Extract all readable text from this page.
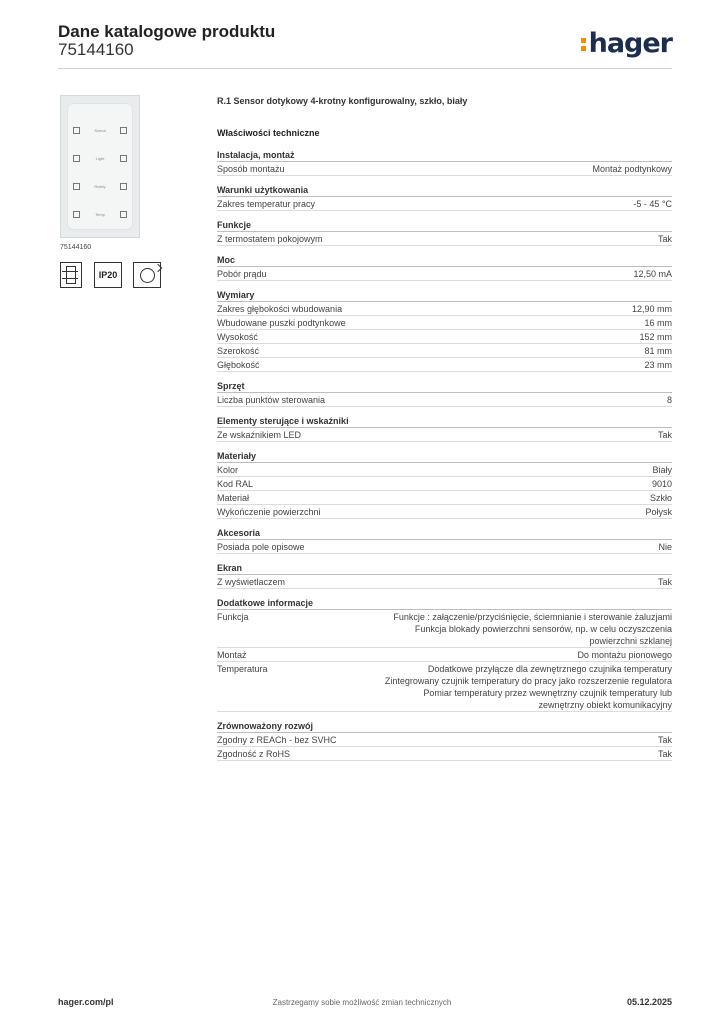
Dane katalogowe produktu
75144160	hager
Scena
Light
Rolety
Temp
75144160
IP20
R.1 Sensor dotykowy 4-krotny konfigurowalny, szkło, biały
Właściwości techniczne
Instalacja, montaż
Sposób montażu	Montaż podtynkowy
Warunki użytkowania
Zakres temperatur pracy	-5 - 45 °C
Funkcje
Z termostatem pokojowym	Tak
Moc
Pobór prądu	12,50 mA
Wymiary
Zakres głębokości wbudowania	12,90 mm
Wbudowane puszki podtynkowe	16 mm
Wysokość	152 mm
Szerokość	81 mm
Głębokość	23 mm
Sprzęt
Liczba punktów sterowania	8
Elementy sterujące i wskaźniki
Ze wskaźnikiem LED	Tak
Materiały
Kolor	Biały
Kod RAL	9010
Materiał	Szkło
Wykończenie powierzchni	Połysk
Akcesoria
Posiada pole opisowe	Nie
Ekran
Z wyświetlaczem	Tak
Dodatkowe informacje
Funkcja	Funkcje : załączenie/przyciśnięcie, ściemnianie i sterowanie żaluzjami
Funkcja blokady powierzchni sensorów, np. w celu oczyszczenia
powierzchni szklanej
Montaż	Do montażu pionowego
Temperatura	Dodatkowe przyłącze dla zewnętrznego czujnika temperatury
Zintegrowany czujnik temperatury do pracy jako rozszerzenie regulatora
Pomiar temperatury przez wewnętrzny czujnik temperatury lub
zewnętrzny obiekt komunikacyjny
Zrównoważony rozwój
Zgodny z REACh - bez SVHC	Tak
Zgodność z RoHS	Tak
hager.com/pl	Zastrzegamy sobie możliwość zmian technicznych	05.12.2025
